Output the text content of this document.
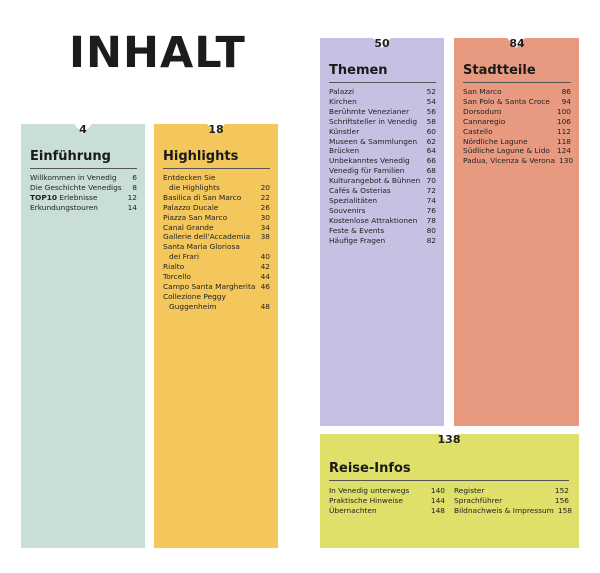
INHALT
4
Einführung
Willkommen in Venedig	6
Die Geschichte Venedigs	8
TOP10 Erlebnisse	12
Erkundungstouren	14
18
Highlights
Entdecken Sie
die Highlights	20
Basilica di San Marco	22
Palazzo Ducale	26
Piazza San Marco	30
Canal Grande	34
Gallerie dell’Accademia	38
Santa Maria Gloriosa
dei Frari	40
Rialto	42
Torcello	44
Campo Santa Margherita 46
Collezione Peggy
Guggenheim	48
50
Themen
Palazzi	52
Kirchen	54
Berühmte Venezianer	56
Schriftsteller in Venedig	58
Künstler	60
Museen & Sammlungen	62
Brücken	64
Unbekanntes Venedig	66
Venedig für Familien	68
Kulturangebot & Bühnen 70
Cafés & Osterias	72
Spezialitäten	74
Souvenirs	76
Kostenlose Attraktionen	78
Feste & Events	80
Häufige Fragen	82
84
Stadtteile
San Marco	86
San Polo & Santa Croce	94
Dorsoduro	100
Cannaregio	106
Castello	112
Nördliche Lagune	118
Südliche Lagune & Lido 124
Padua, Vicenza & Verona 130
138
Reise-Infos
In Venedig unterwegs	140
Praktische Hinweise	144
Übernachten	148
Register	152
Sprachführer	156
Bildnachweis & Impressum 158
